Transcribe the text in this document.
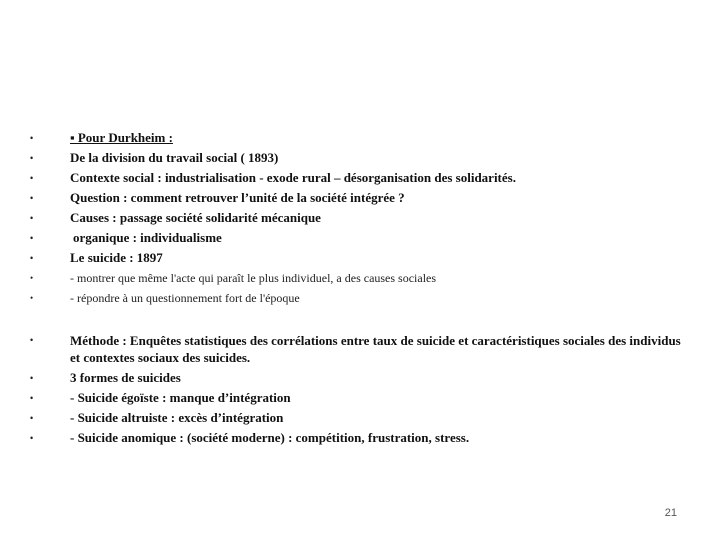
•	▪ Pour Durkheim :
•	De la division du travail social ( 1893)
•	Contexte social : industrialisation - exode rural – désorganisation des solidarités.
•	Question : comment retrouver l’unité de la société intégrée ?
•	Causes : passage société solidarité mécanique
•	organique : individualisme
•	Le suicide : 1897
•	- montrer que même l'acte qui paraît le plus individuel, a des causes sociales
•	- répondre à un questionnement fort de l'époque
•	Méthode : Enquêtes statistiques des corrélations entre taux de suicide et caractéristiques sociales des individus et contextes sociaux des suicides.
•	3 formes de suicides
•	- Suicide égoïste : manque d’intégration
•	- Suicide altruiste : excès d’intégration
•	- Suicide anomique : (société moderne) : compétition, frustration, stress.
21
